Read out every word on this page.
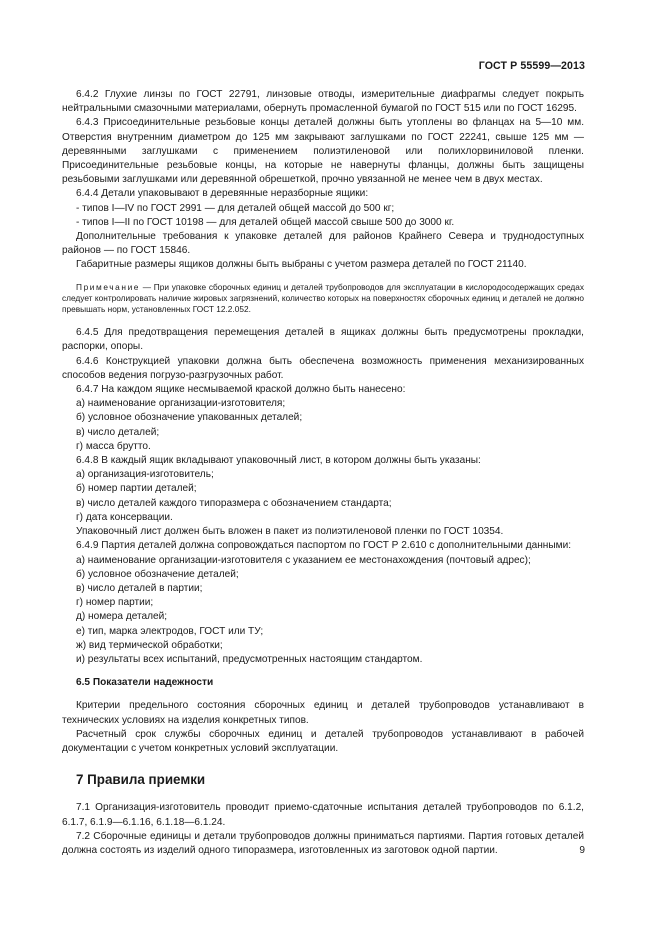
ГОСТ Р 55599—2013

6.4.2 Глухие линзы по ГОСТ 22791, линзовые отводы, измерительные диафрагмы следует покрыть нейтральными смазочными материалами, обернуть промасленной бумагой по ГОСТ 515 или по ГОСТ 16295.

6.4.3 Присоединительные резьбовые концы деталей должны быть утоплены во фланцах на 5—10 мм. Отверстия внутренним диаметром до 125 мм закрывают заглушками по ГОСТ 22241, свыше 125 мм — деревянными заглушками с применением полиэтиленовой или полихлорвиниловой пленки. Присоединительные резьбовые концы, на которые не навернуты фланцы, должны быть защищены резьбовыми заглушками или деревянной обрешеткой, прочно увязанной не менее чем в двух местах.

6.4.4 Детали упаковывают в деревянные неразборные ящики:

- типов I—IV по ГОСТ 2991 — для деталей общей массой до 500 кг;

- типов I—II по ГОСТ 10198 — для деталей общей массой свыше 500 до 3000 кг.

Дополнительные требования к упаковке деталей для районов Крайнего Севера и труднодоступных районов — по ГОСТ 15846.

Габаритные размеры ящиков должны быть выбраны с учетом размера деталей по ГОСТ 21140.

Примечание — При упаковке сборочных единиц и деталей трубопроводов для эксплуатации в кислородосодержащих средах следует контролировать наличие жировых загрязнений, количество которых на поверхностях сборочных единиц и деталей не должно превышать норм, установленных ГОСТ 12.2.052.

6.4.5 Для предотвращения перемещения деталей в ящиках должны быть предусмотрены прокладки, распорки, опоры.

6.4.6 Конструкцией упаковки должна быть обеспечена возможность применения механизированных способов ведения погрузо-разгрузочных работ.

6.4.7 На каждом ящике несмываемой краской должно быть нанесено:

а) наименование организации-изготовителя;

б) условное обозначение упакованных деталей;

в) число деталей;

г) масса брутто.

6.4.8 В каждый ящик вкладывают упаковочный лист, в котором должны быть указаны:

а) организация-изготовитель;

б) номер партии деталей;

в) число деталей каждого типоразмера с обозначением стандарта;

г) дата консервации.

Упаковочный лист должен быть вложен в пакет из полиэтиленовой пленки по ГОСТ 10354.

6.4.9 Партия деталей должна сопровождаться паспортом по ГОСТ Р 2.610 с дополнительными данными:

а) наименование организации-изготовителя с указанием ее местонахождения (почтовый адрес);

б) условное обозначение деталей;

в) число деталей в партии;

г) номер партии;

д) номера деталей;

е) тип, марка электродов, ГОСТ или ТУ;

ж) вид термической обработки;

и) результаты всех испытаний, предусмотренных настоящим стандартом.

6.5 Показатели надежности

Критерии предельного состояния сборочных единиц и деталей трубопроводов устанавливают в технических условиях на изделия конкретных типов.

Расчетный срок службы сборочных единиц и деталей трубопроводов устанавливают в рабочей документации с учетом конкретных условий эксплуатации.

7 Правила приемки

7.1 Организация-изготовитель проводит приемо-сдаточные испытания деталей трубопроводов по 6.1.2, 6.1.7, 6.1.9—6.1.16, 6.1.18—6.1.24.

7.2 Сборочные единицы и детали трубопроводов должны приниматься партиями. Партия готовых деталей должна состоять из изделий одного типоразмера, изготовленных из заготовок одной партии.	9
